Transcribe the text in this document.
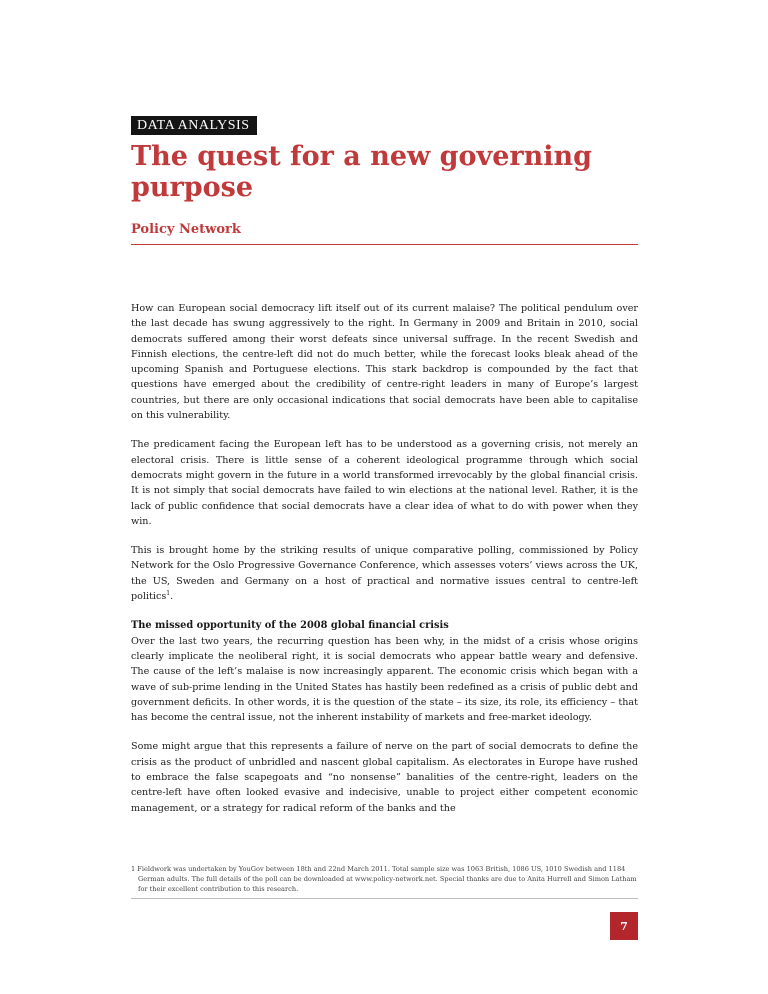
DATA ANALYSIS
The quest for a new governing purpose
Policy Network

How can European social democracy lift itself out of its current malaise? The political pendulum over the last decade has swung aggressively to the right. In Germany in 2009 and Britain in 2010, social democrats suffered among their worst defeats since universal suffrage. In the recent Swedish and Finnish elections, the centre-left did not do much better, while the forecast looks bleak ahead of the upcoming Spanish and Portuguese elections. This stark backdrop is compounded by the fact that questions have emerged about the credibility of centre-right leaders in many of Europe’s largest countries, but there are only occasional indications that social democrats have been able to capitalise on this vulnerability.

The predicament facing the European left has to be understood as a governing crisis, not merely an electoral crisis. There is little sense of a coherent ideological programme through which social democrats might govern in the future in a world transformed irrevocably by the global financial crisis. It is not simply that social democrats have failed to win elections at the national level. Rather, it is the lack of public confidence that social democrats have a clear idea of what to do with power when they win.

This is brought home by the striking results of unique comparative polling, commissioned by Policy Network for the Oslo Progressive Governance Conference, which assesses voters’ views across the UK, the US, Sweden and Germany on a host of practical and normative issues central to centre-left politics$^1$.

The missed opportunity of the 2008 global financial crisis

Over the last two years, the recurring question has been why, in the midst of a crisis whose origins clearly implicate the neoliberal right, it is social democrats who appear battle weary and defensive. The cause of the left’s malaise is now increasingly apparent. The economic crisis which began with a wave of sub-prime lending in the United States has hastily been redefined as a crisis of public debt and government deficits. In other words, it is the question of the state – its size, its role, its efficiency – that has become the central issue, not the inherent instability of markets and free-market ideology.

Some might argue that this represents a failure of nerve on the part of social democrats to define the crisis as the product of unbridled and nascent global capitalism. As electorates in Europe have rushed to embrace the false scapegoats and “no nonsense” banalities of the centre-right, leaders on the centre-left have often looked evasive and indecisive, unable to project either competent economic management, or a strategy for radical reform of the banks and the

1 Fieldwork was undertaken by YouGov between 18th and 22nd March 2011. Total sample size was 1063 British, 1086 US, 1010 Swedish and 1184 German adults. The full details of the poll can be downloaded at www.policy-network.net. Special thanks are due to Anita Hurrell and Simon Latham for their excellent contribution to this research.
7
